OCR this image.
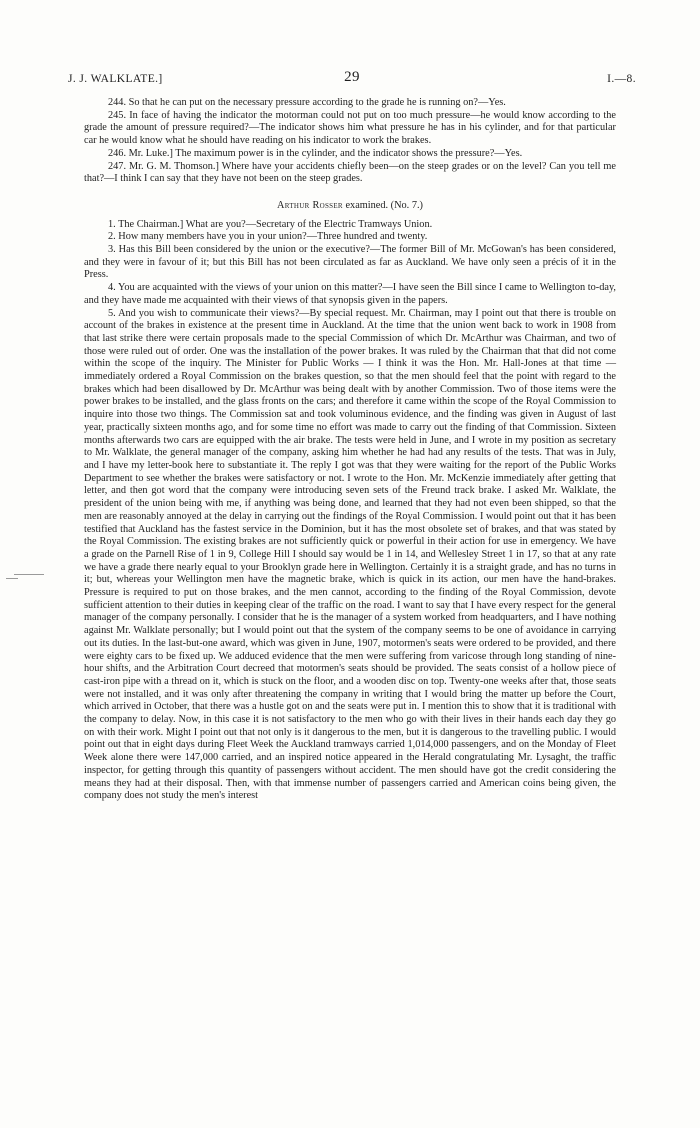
J. J. WALKLATE.]	29	I.—8.

244. So that he can put on the necessary pressure according to the grade he is running on?—Yes.

245. In face of having the indicator the motorman could not put on too much pressure—he would know according to the grade the amount of pressure required?—The indicator shows him what pressure he has in his cylinder, and for that particular car he would know what he should have reading on his indicator to work the brakes.

246. Mr. Luke.] The maximum power is in the cylinder, and the indicator shows the pressure?—Yes.

247. Mr. G. M. Thomson.] Where have your accidents chiefly been—on the steep grades or on the level? Can you tell me that?—I think I can say that they have not been on the steep grades.

Arthur Rosser examined. (No. 7.)

1. The Chairman.] What are you?—Secretary of the Electric Tramways Union.

2. How many members have you in your union?—Three hundred and twenty.

3. Has this Bill been considered by the union or the executive?—The former Bill of Mr. McGowan's has been considered, and they were in favour of it; but this Bill has not been circulated as far as Auckland. We have only seen a précis of it in the Press.

4. You are acquainted with the views of your union on this matter?—I have seen the Bill since I came to Wellington to-day, and they have made me acquainted with their views of that synopsis given in the papers.

5. And you wish to communicate their views?—By special request. Mr. Chairman, may I point out that there is trouble on account of the brakes in existence at the present time in Auckland. At the time that the union went back to work in 1908 from that last strike there were certain proposals made to the special Commission of which Dr. McArthur was Chairman, and two of those were ruled out of order. One was the installation of the power brakes. It was ruled by the Chairman that that did not come within the scope of the inquiry. The Minister for Public Works — I think it was the Hon. Mr. Hall-Jones at that time — immediately ordered a Royal Commission on the brakes question, so that the men should feel that the point with regard to the brakes which had been disallowed by Dr. McArthur was being dealt with by another Commission. Two of those items were the power brakes to be installed, and the glass fronts on the cars; and therefore it came within the scope of the Royal Commission to inquire into those two things. The Commission sat and took voluminous evidence, and the finding was given in August of last year, practically sixteen months ago, and for some time no effort was made to carry out the finding of that Commission. Sixteen months afterwards two cars are equipped with the air brake. The tests were held in June, and I wrote in my position as secretary to Mr. Walklate, the general manager of the company, asking him whether he had had any results of the tests. That was in July, and I have my letter-book here to substantiate it. The reply I got was that they were waiting for the report of the Public Works Department to see whether the brakes were satisfactory or not. I wrote to the Hon. Mr. McKenzie immediately after getting that letter, and then got word that the company were introducing seven sets of the Freund track brake. I asked Mr. Walklate, the president of the union being with me, if anything was being done, and learned that they had not even been shipped, so that the men are reasonably annoyed at the delay in carrying out the findings of the Royal Commission. I would point out that it has been testified that Auckland has the fastest service in the Dominion, but it has the most obsolete set of brakes, and that was stated by the Royal Commission. The existing brakes are not sufficiently quick or powerful in their action for use in emergency. We have a grade on the Parnell Rise of 1 in 9, College Hill I should say would be 1 in 14, and Wellesley Street 1 in 17, so that at any rate we have a grade there nearly equal to your Brooklyn grade here in Wellington. Certainly it is a straight grade, and has no turns in it; but, whereas your Wellington men have the magnetic brake, which is quick in its action, our men have the hand-brakes. Pressure is required to put on those brakes, and the men cannot, according to the finding of the Royal Commission, devote sufficient attention to their duties in keeping clear of the traffic on the road. I want to say that I have every respect for the general manager of the company personally. I consider that he is the manager of a system worked from headquarters, and I have nothing against Mr. Walklate personally; but I would point out that the system of the company seems to be one of avoidance in carrying out its duties. In the last-but-one award, which was given in June, 1907, motormen's seats were ordered to be provided, and there were eighty cars to be fixed up. We adduced evidence that the men were suffering from varicose through long standing of nine-hour shifts, and the Arbitration Court decreed that motormen's seats should be provided. The seats consist of a hollow piece of cast-iron pipe with a thread on it, which is stuck on the floor, and a wooden disc on top. Twenty-one weeks after that, those seats were not installed, and it was only after threatening the company in writing that I would bring the matter up before the Court, which arrived in October, that there was a hustle got on and the seats were put in. I mention this to show that it is traditional with the company to delay. Now, in this case it is not satisfactory to the men who go with their lives in their hands each day they go on with their work. Might I point out that not only is it dangerous to the men, but it is dangerous to the travelling public. I would point out that in eight days during Fleet Week the Auckland tramways carried 1,014,000 passengers, and on the Monday of Fleet Week alone there were 147,000 carried, and an inspired notice appeared in the Herald congratulating Mr. Lysaght, the traffic inspector, for getting through this quantity of passengers without accident. The men should have got the credit considering the means they had at their disposal. Then, with that immense number of passengers carried and American coins being given, the company does not study the men's interest
